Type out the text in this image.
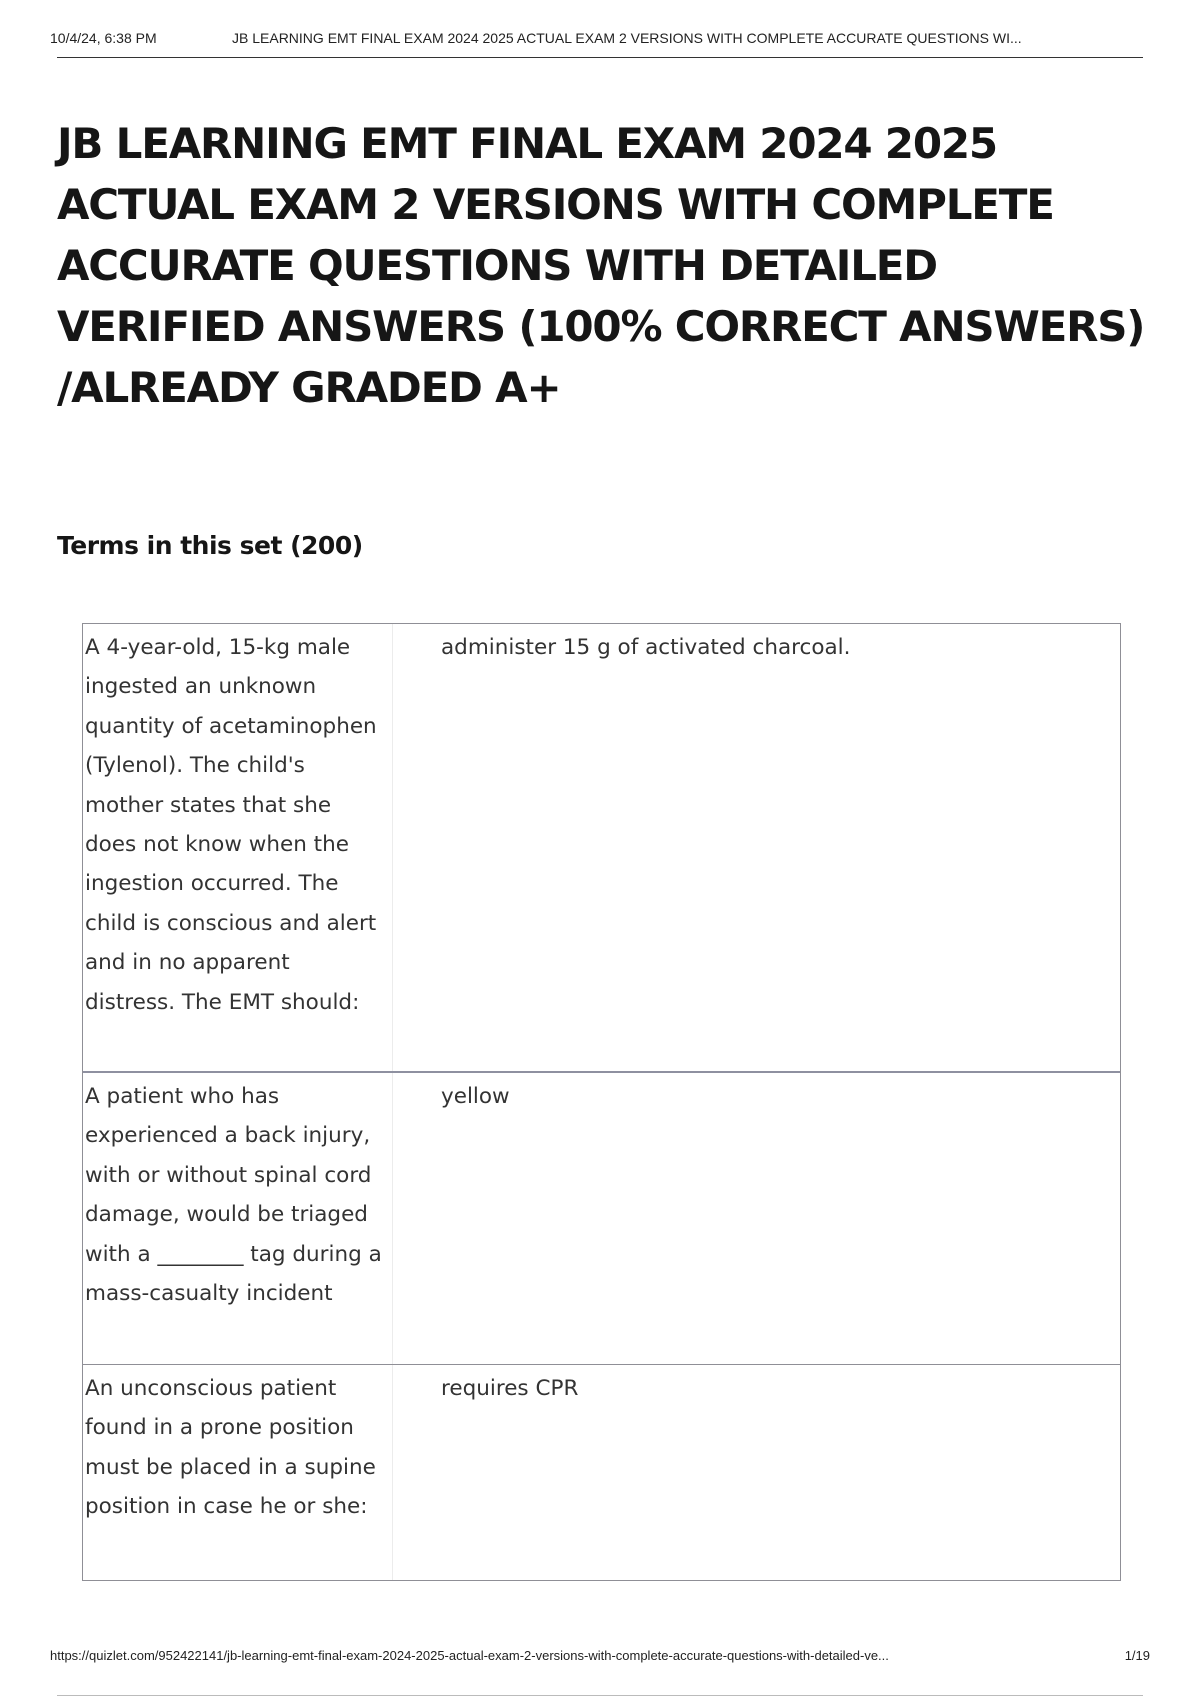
10/4/24, 6:38 PM	JB LEARNING EMT FINAL EXAM 2024 2025 ACTUAL EXAM 2 VERSIONS WITH COMPLETE ACCURATE QUESTIONS WI...
JB LEARNING EMT FINAL EXAM 2024 2025 ACTUAL EXAM 2 VERSIONS WITH COMPLETE ACCURATE QUESTIONS WITH DETAILED VERIFIED ANSWERS (100% CORRECT ANSWERS) /ALREADY GRADED A+
Terms in this set (200)
A 4-year-old, 15-kg male ingested an unknown quantity of acetaminophen (Tylenol). The child's mother states that she does not know when the ingestion occurred. The child is conscious and alert and in no apparent distress. The EMT should:
administer 15 g of activated charcoal.
A patient who has experienced a back injury, with or without spinal cord damage, would be triaged with a ________ tag during a mass-casualty incident
yellow
An unconscious patient found in a prone position must be placed in a supine position in case he or she:
requires CPR
https://quizlet.com/952422141/jb-learning-emt-final-exam-2024-2025-actual-exam-2-versions-with-complete-accurate-questions-with-detailed-ve...	1/19
